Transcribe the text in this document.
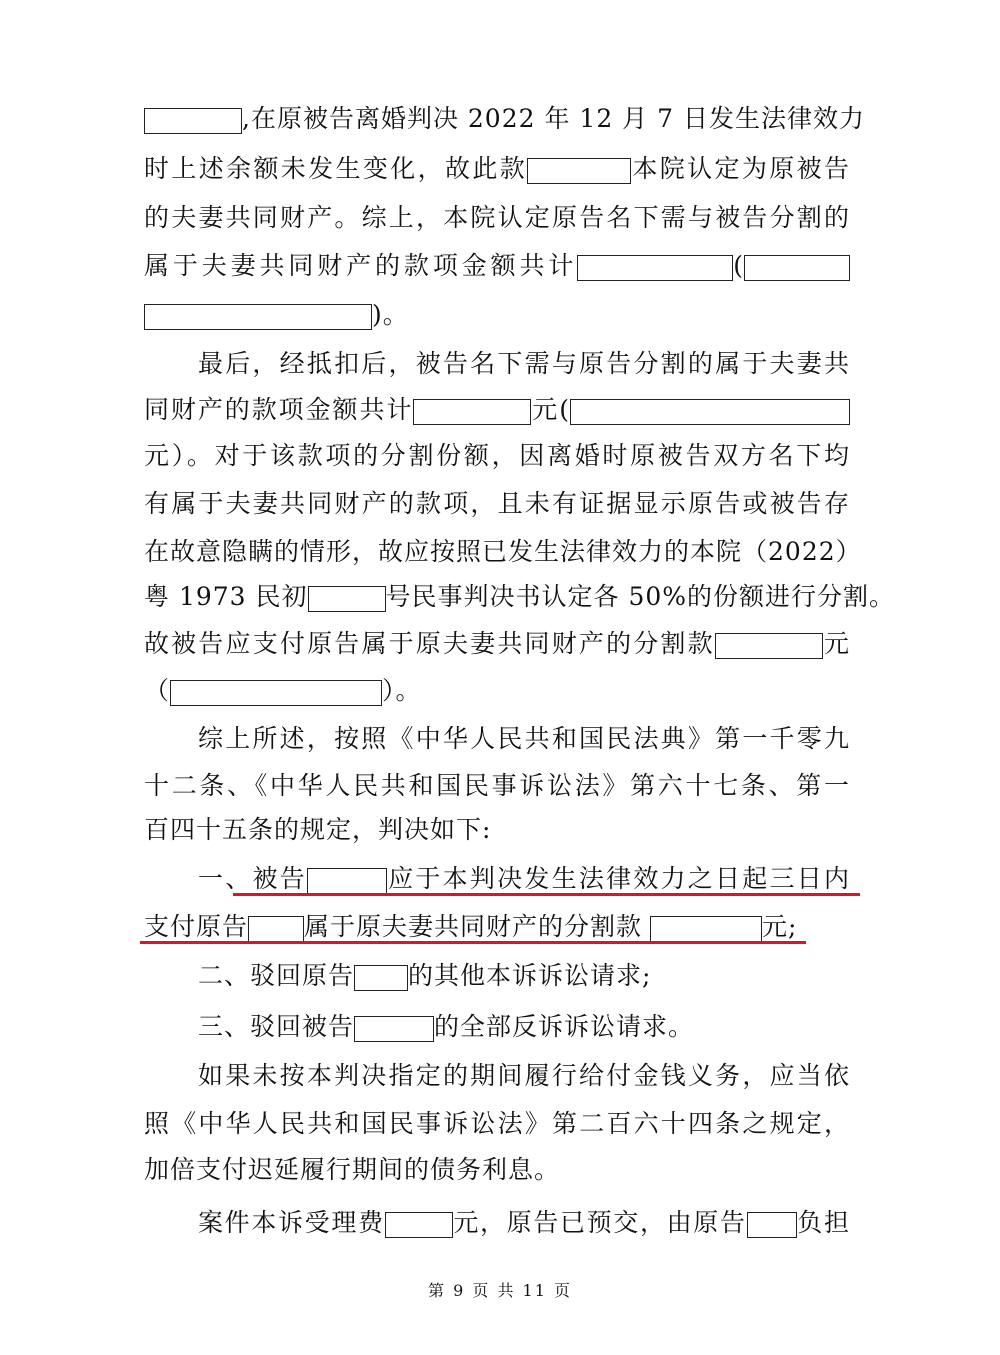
,在原被告离婚判决 2022 年 12 月 7 日发生法律效力
时上述余额未发生变化，故此款	本院认定为原被告
的夫妻共同财产。综上，本院认定原告名下需与被告分割的
属于夫妻共同财产的款项金额共计	(
)。
最后，经抵扣后，被告名下需与原告分割的属于夫妻共
同财产的款项金额共计	元(
元）。对于该款项的分割份额，因离婚时原被告双方名下均
有属于夫妻共同财产的款项，且未有证据显示原告或被告存
在故意隐瞒的情形，故应按照已发生法律效力的本院（2022）
粤 1973 民初	号民事判决书认定各 50%的份额进行分割。
故被告应支付原告属于原夫妻共同财产的分割款	元
（	）。
综上所述，按照《中华人民共和国民法典》第一千零九
十二条、《中华人民共和国民事诉讼法》第六十七条、第一
百四十五条的规定，判决如下:
一、被告	应于本判决发生法律效力之日起三日内
支付原告 属于原夫妻共同财产的分割款	元;
二、驳回原告 的其他本诉诉讼请求;
三、驳回被告	的全部反诉诉讼请求。
如果未按本判决指定的期间履行给付金钱义务，应当依
照《中华人民共和国民事诉讼法》第二百六十四条之规定，
加倍支付迟延履行期间的债务利息。
案件本诉受理费	元，原告已预交，由原告 负担
第 9 页 共 11 页
